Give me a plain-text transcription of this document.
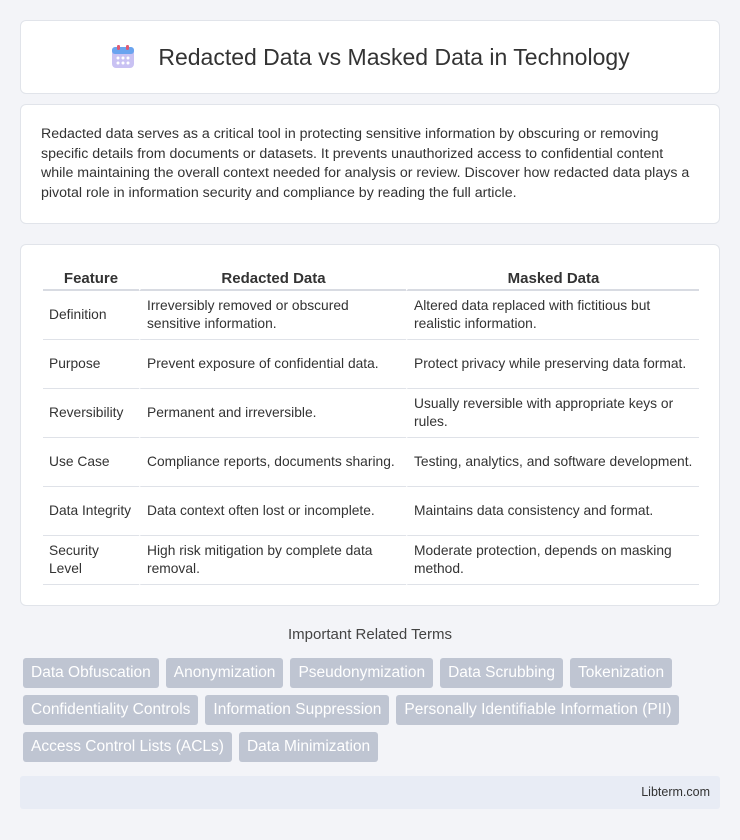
Redacted Data vs Masked Data in Technology

Redacted data serves as a critical tool in protecting sensitive information by obscuring or removing specific details from documents or datasets. It prevents unauthorized access to confidential content while maintaining the overall context needed for analysis or review. Discover how redacted data plays a pivotal role in information security and compliance by reading the full article.

Feature	Redacted Data	Masked Data
Definition	Irreversibly removed or obscured sensitive information.	Altered data replaced with fictitious but realistic information.
Purpose	Prevent exposure of confidential data.	Protect privacy while preserving data format.
Reversibility	Permanent and irreversible.	Usually reversible with appropriate keys or rules.
Use Case	Compliance reports, documents sharing.	Testing, analytics, and software development.
Data Integrity	Data context often lost or incomplete.	Maintains data consistency and format.
Security Level	High risk mitigation by complete data removal.	Moderate protection, depends on masking method.
Important Related Terms
Data Obfuscation	Anonymization	Pseudonymization	Data Scrubbing	Tokenization
Confidentiality Controls	Information Suppression	Personally Identifiable Information (PII)
Access Control Lists (ACLs)	Data Minimization
Libterm.com
